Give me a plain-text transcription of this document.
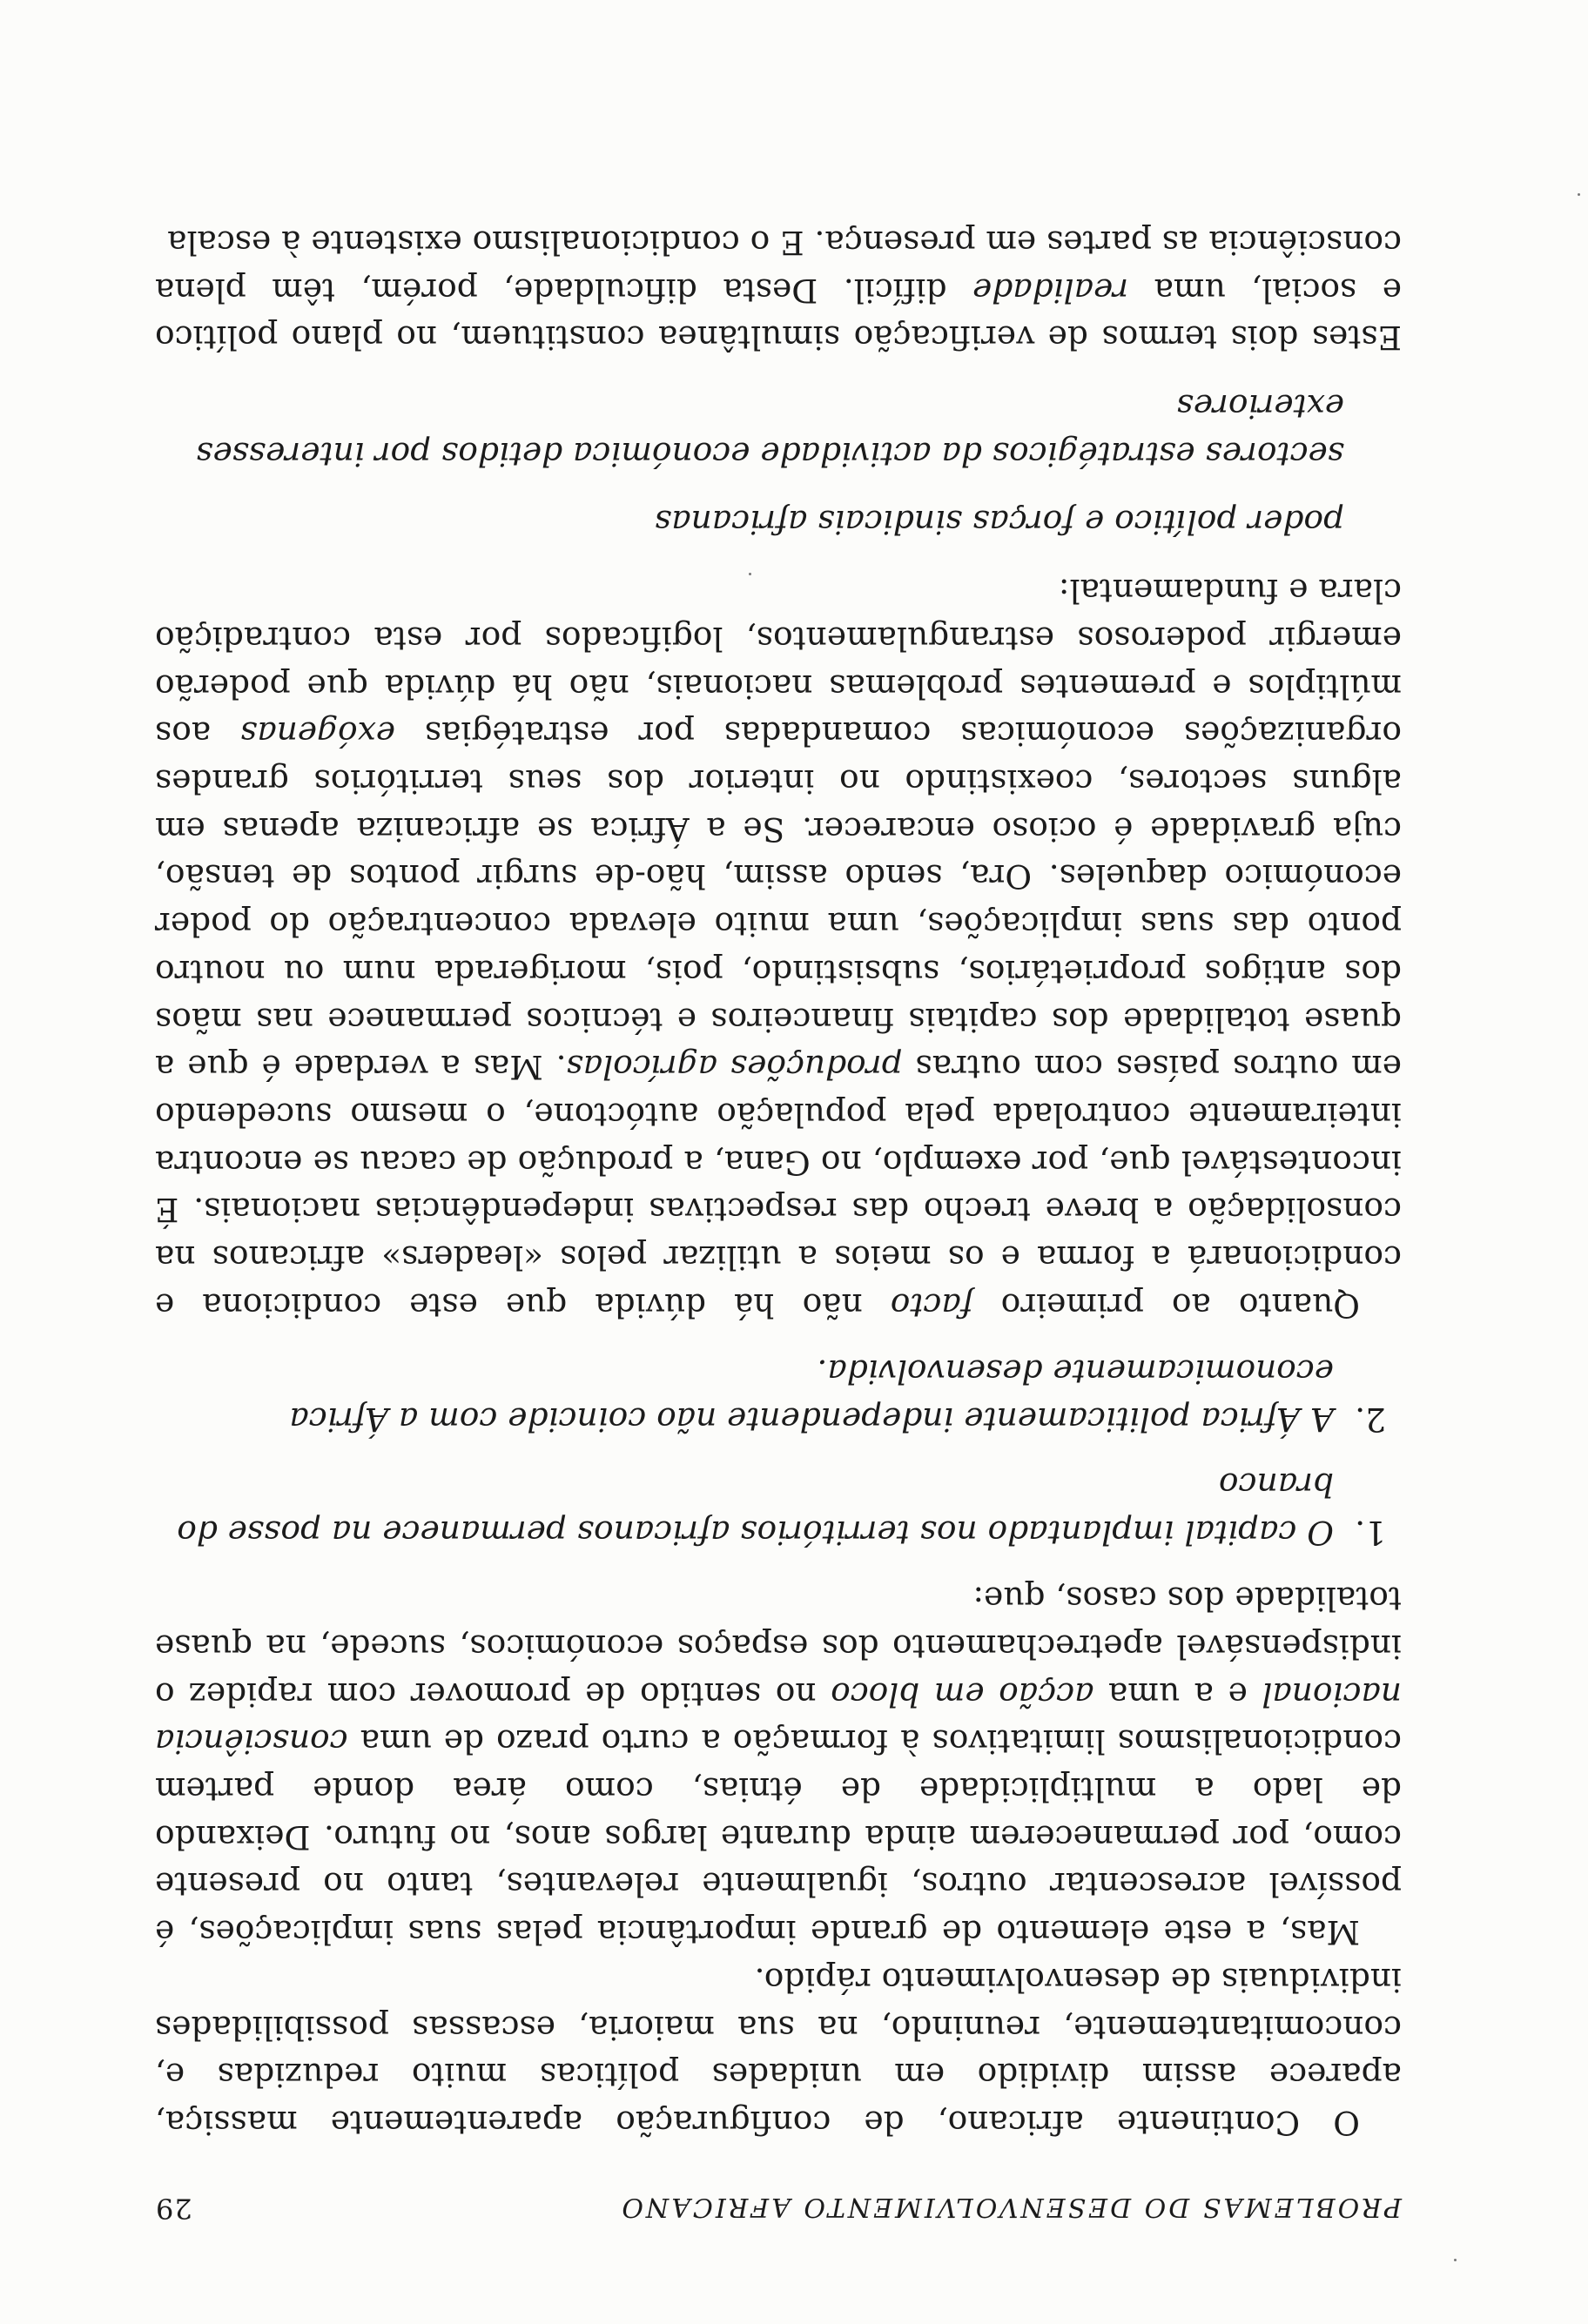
PROBLEMAS DO DESENVOLVIMENTO AFRICANO
29

O Continente africano, de configuração aparentemente massiça, aparece assim dividido em unidades políticas muito reduzidas e, concomitantemente, reunindo, na sua maioria, escassas possibilidades individuais de desenvolvimento rápido.

Mas, a este elemento de grande importância pelas suas implicações, é possível acrescentar outros, igualmente relevantes, tanto no presente como, por permanecerem ainda durante largos anos, no futuro. Deixando de lado a multiplicidade de étnias, como área donde partem condicionalismos limitativos à formação a curto prazo de uma consciência nacional e a uma acção em bloco no sentido de promover com rapidez o indispensável apetrechamento dos espaços económicos, sucede, na quase totalidade dos casos, que:

1.
O capital implantado nos territórios africanos permanece na posse do branco
2.
A África politicamente independente não coincide com a África economicamente desenvolvida.

Quanto ao primeiro facto não há dúvida que este condiciona e condicionará a forma e os meios a utilizar pelos «leaders» africanos na consolidação a breve trecho das respectivas independências nacionais. É incontestável que, por exemplo, no Gana, a produção de cacau se encontra inteiramente controlada pela população autóctone, o mesmo sucedendo em outros países com outras produções agrícolas. Mas a verdade é que a quase totalidade dos capitais financeiros e técnicos permanece nas mãos dos antigos proprietários, subsistindo, pois, morigerada num ou noutro ponto das suas implicações, uma muito elevada concentração do poder económico daqueles. Ora, sendo assim, hão-de surgir pontos de tensão, cuja gravidade é ocioso encarecer. Se a África se africaniza apenas em alguns sectores, coexistindo no interior dos seus territórios grandes organizações económicas comandadas por estratégias exógenas aos múltiplos e prementes problemas nacionais, não há dúvida que poderão emergir poderosos estrangulamentos, logificados por esta contradição clara e fundamental:

poder político e forças sindicais africanas
sectores estratégicos da actividade económica detidos por interesses exteriores

Estes dois termos de verificação simultânea constituem, no plano político e social, uma realidade difícil. Desta dificuldade, porém, têm plena consciência as partes em presença. E o condicionalismo existente à escala
